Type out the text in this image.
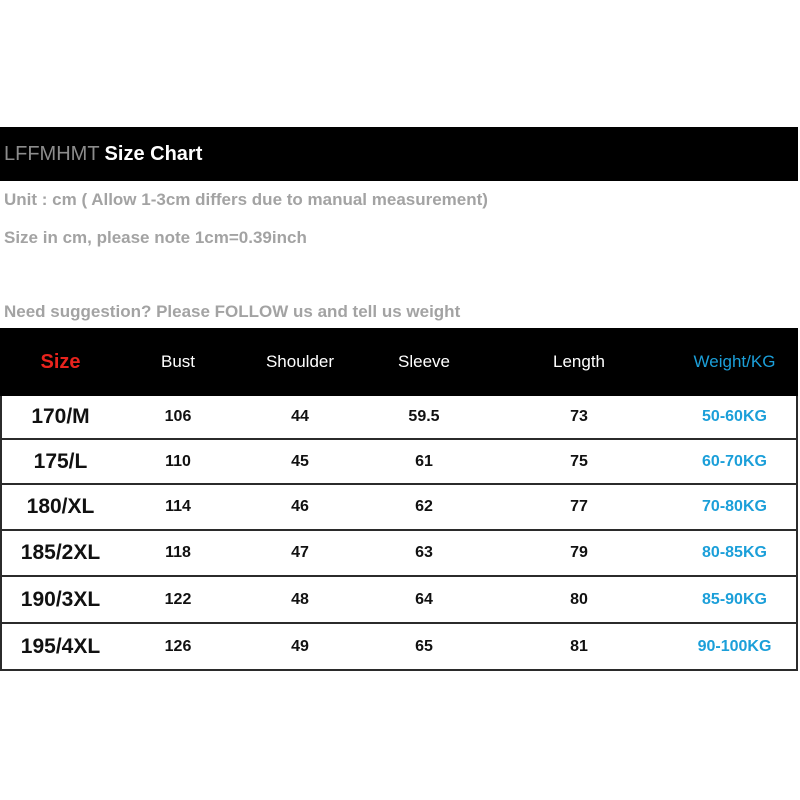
LFFMHMT Size Chart
Unit : cm ( Allow 1-3cm differs due to manual measurement)
Size in cm, please note 1cm=0.39inch
Need suggestion? Please FOLLOW us and tell us weight
Size	Bust	Shoulder	Sleeve	Length	Weight/KG
170/M	106	44	59.5	73	50-60KG
175/L	110	45	61	75	60-70KG
180/XL	114	46	62	77	70-80KG
185/2XL	118	47	63	79	80-85KG
190/3XL	122	48	64	80	85-90KG
195/4XL	126	49	65	81	90-100KG
